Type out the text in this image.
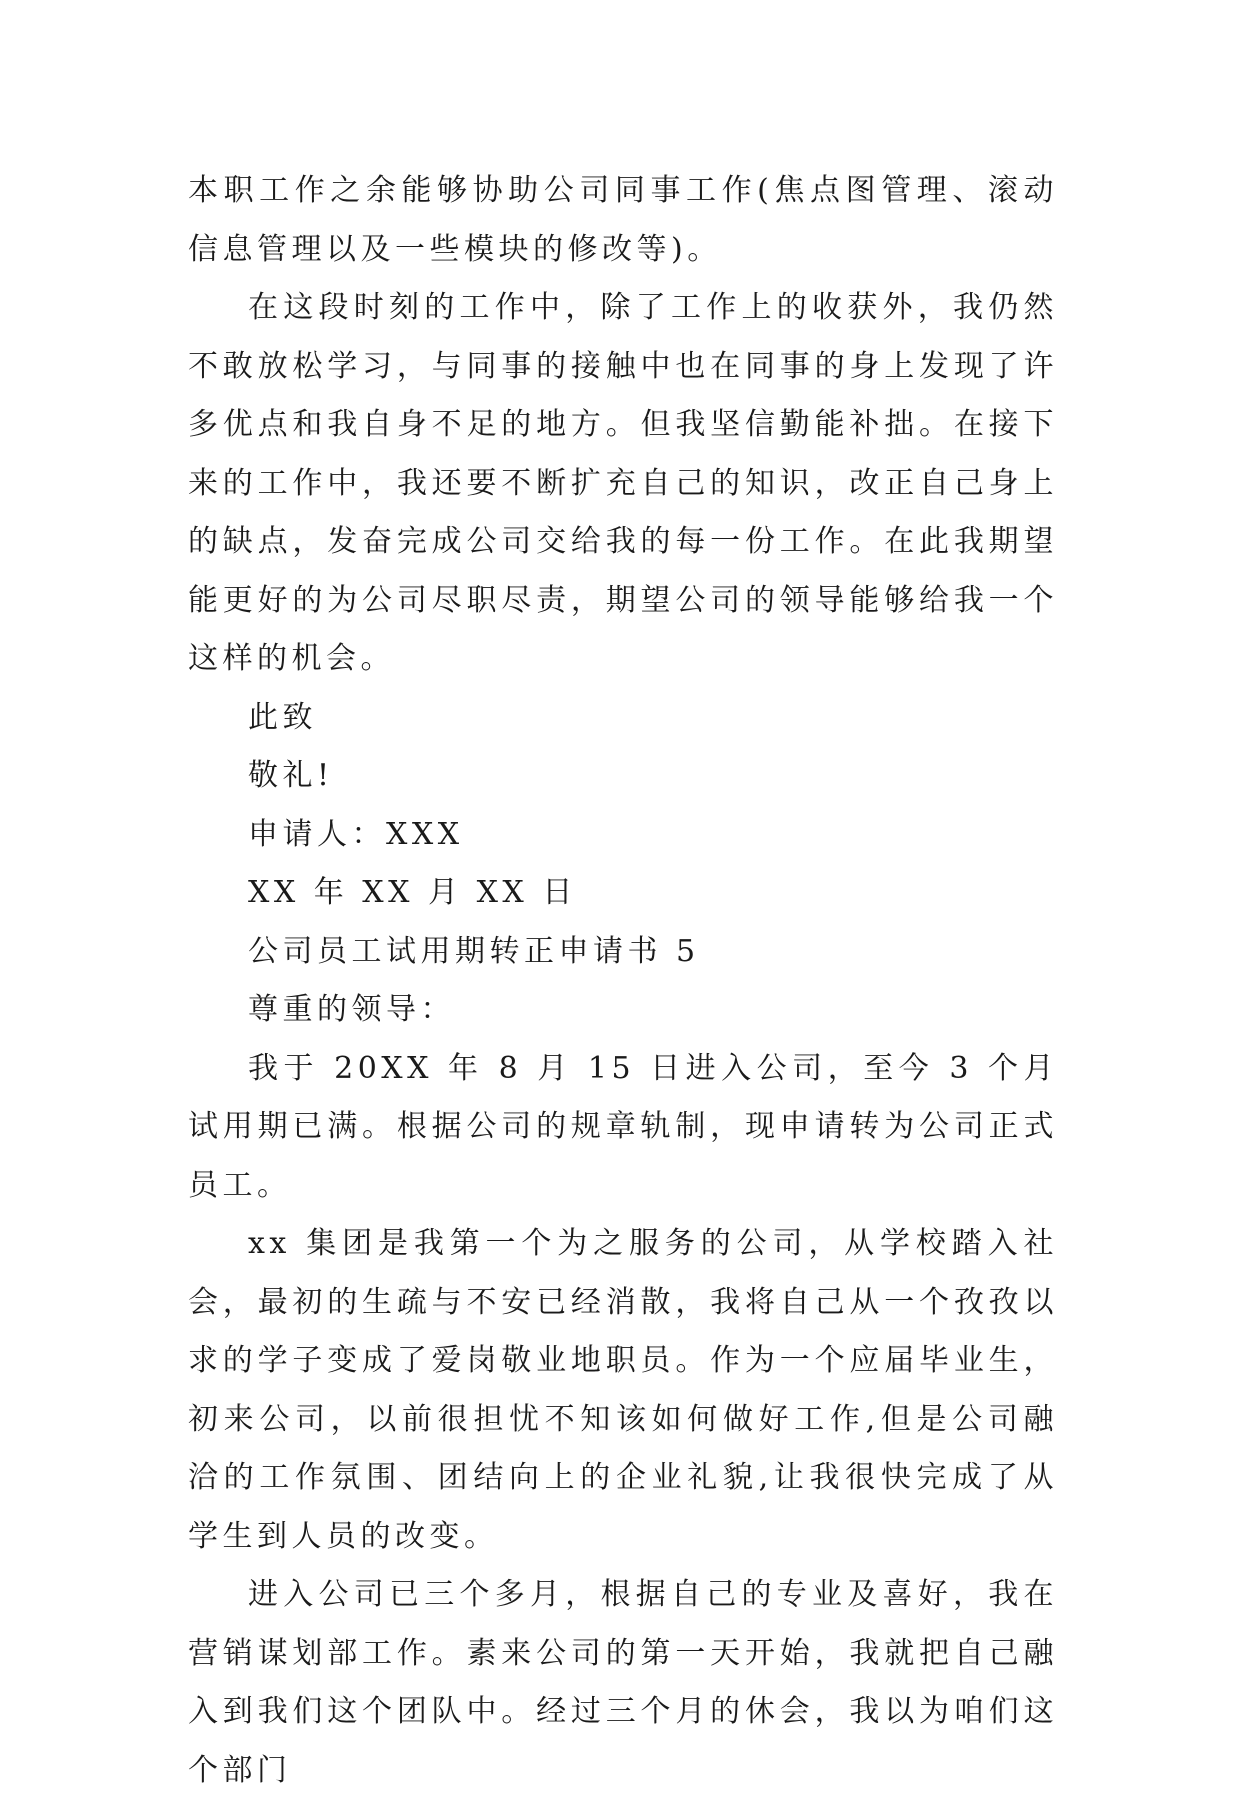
本职工作之余能够协助公司同事工作(焦点图管理、滚动信息管理以及一些模块的修改等)。

在这段时刻的工作中，除了工作上的收获外，我仍然不敢放松学习，与同事的接触中也在同事的身上发现了许多优点和我自身不足的地方。但我坚信勤能补拙。在接下来的工作中，我还要不断扩充自己的知识，改正自己身上的缺点，发奋完成公司交给我的每一份工作。在此我期望能更好的为公司尽职尽责，期望公司的领导能够给我一个这样的机会。

此致

敬礼!

申请人：XXX

XX 年 XX 月 XX 日

公司员工试用期转正申请书 5

尊重的领导：

我于 20XX 年 8 月 15 日进入公司，至今 3 个月试用期已满。根据公司的规章轨制，现申请转为公司正式员工。

xx 集团是我第一个为之服务的公司，从学校踏入社会，最初的生疏与不安已经消散，我将自己从一个孜孜以求的学子变成了爱岗敬业地职员。作为一个应届毕业生，初来公司，以前很担忧不知该如何做好工作,但是公司融洽的工作氛围、团结向上的企业礼貌,让我很快完成了从学生到人员的改变。

进入公司已三个多月，根据自己的专业及喜好，我在营销谋划部工作。素来公司的第一天开始，我就把自己融入到我们这个团队中。经过三个月的休会，我以为咱们这个部门
